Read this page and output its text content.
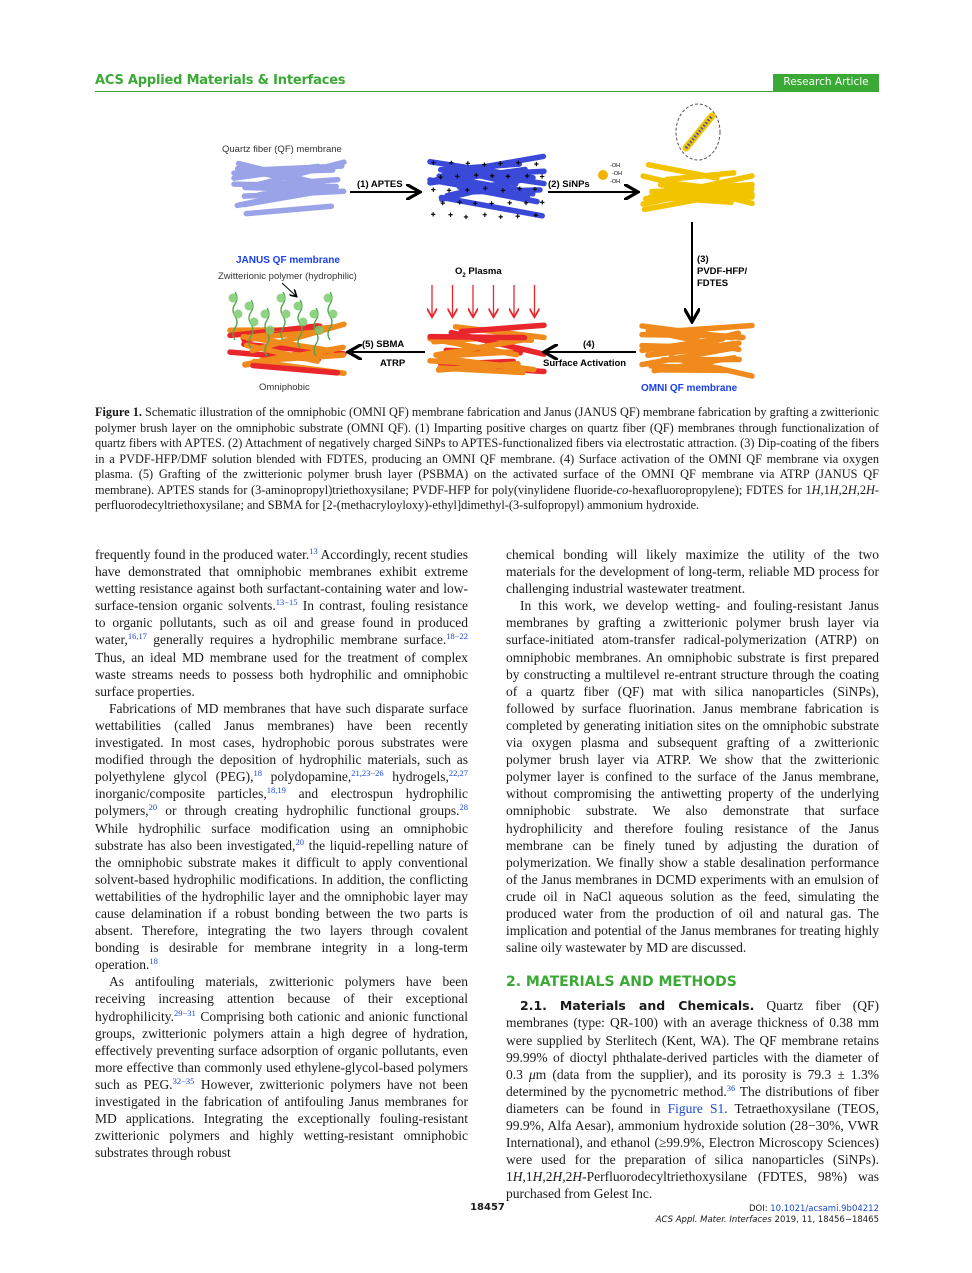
ACS Applied Materials & Interfaces	Research Article
Quartz fiber (QF) membrane
(1) APTES	(2) SiNPs
-OH
-OH
-OH
(3)
PVDF-HFP/
FDTES
OMNI QF membrane
(4)
Surface Activation
$O_2$ Plasma
(5) SBMA
ATRP
JANUS QF membrane
Zwitterionic polymer (hydrophilic)
Omniphobic
Figure 1. Schematic illustration of the omniphobic (OMNI QF) membrane fabrication and Janus (JANUS QF) membrane fabrication by grafting a zwitterionic polymer brush layer on the omniphobic substrate (OMNI QF). (1) Imparting positive charges on quartz fiber (QF) membranes through functionalization of quartz fibers with APTES. (2) Attachment of negatively charged SiNPs to APTES-functionalized fibers via electrostatic attraction. (3) Dip-coating of the fibers in a PVDF-HFP/DMF solution blended with FDTES, producing an OMNI QF membrane. (4) Surface activation of the OMNI QF membrane via oxygen plasma. (5) Grafting of the zwitterionic polymer brush layer (PSBMA) on the activated surface of the OMNI QF membrane via ATRP (JANUS QF membrane). APTES stands for (3-aminopropyl)triethoxysilane; PVDF-HFP for poly(vinylidene fluoride-co-hexafluoropropylene); FDTES for 1H,1H,2H,2H-perfluorodecyltriethoxysilane; and SBMA for [2-(methacryloyloxy)-ethyl]dimethyl-(3-sulfopropyl) ammonium hydroxide.

frequently found in the produced water.$^{13}$ Accordingly, recent studies have demonstrated that omniphobic membranes exhibit extreme wetting resistance against both surfactant-containing water and low-surface-tension organic solvents.$^{13-15}$ In contrast, fouling resistance to organic pollutants, such as oil and grease found in produced water,$^{16,17}$ generally requires a hydrophilic membrane surface.$^{18-22}$ Thus, an ideal MD membrane used for the treatment of complex waste streams needs to possess both hydrophilic and omniphobic surface properties.

Fabrications of MD membranes that have such disparate surface wettabilities (called Janus membranes) have been recently investigated. In most cases, hydrophobic porous substrates were modified through the deposition of hydrophilic materials, such as polyethylene glycol (PEG),$^{18}$ polydopamine,$^{21,23-26}$ hydrogels,$^{22,27}$ inorganic/composite particles,$^{18,19}$ and electrospun hydrophilic polymers,$^{20}$ or through creating hydrophilic functional groups.$^{28}$ While hydrophilic surface modification using an omniphobic substrate has also been investigated,$^{20}$ the liquid-repelling nature of the omniphobic substrate makes it difficult to apply conventional solvent-based hydrophilic modifications. In addition, the conflicting wettabilities of the hydrophilic layer and the omniphobic layer may cause delamination if a robust bonding between the two parts is absent. Therefore, integrating the two layers through covalent bonding is desirable for membrane integrity in a long-term operation.$^{18}$

As antifouling materials, zwitterionic polymers have been receiving increasing attention because of their exceptional hydrophilicity.$^{29-31}$ Comprising both cationic and anionic functional groups, zwitterionic polymers attain a high degree of hydration, effectively preventing surface adsorption of organic pollutants, even more effective than commonly used ethylene-glycol-based polymers such as PEG.$^{32-35}$ However, zwitterionic polymers have not been investigated in the fabrication of antifouling Janus membranes for MD applications. Integrating the exceptionally fouling-resistant zwitterionic polymers and highly wetting-resistant omniphobic substrates through robust

chemical bonding will likely maximize the utility of the two materials for the development of long-term, reliable MD process for challenging industrial wastewater treatment.

In this work, we develop wetting- and fouling-resistant Janus membranes by grafting a zwitterionic polymer brush layer via surface-initiated atom-transfer radical-polymerization (ATRP) on omniphobic membranes. An omniphobic substrate is first prepared by constructing a multilevel re-entrant structure through the coating of a quartz fiber (QF) mat with silica nanoparticles (SiNPs), followed by surface fluorination. Janus membrane fabrication is completed by generating initiation sites on the omniphobic substrate via oxygen plasma and subsequent grafting of a zwitterionic polymer brush layer via ATRP. We show that the zwitterionic polymer layer is confined to the surface of the Janus membrane, without compromising the antiwetting property of the underlying omniphobic substrate. We also demonstrate that surface hydrophilicity and therefore fouling resistance of the Janus membrane can be finely tuned by adjusting the duration of polymerization. We finally show a stable desalination performance of the Janus membranes in DCMD experiments with an emulsion of crude oil in NaCl aqueous solution as the feed, simulating the produced water from the production of oil and natural gas. The implication and potential of the Janus membranes for treating highly saline oily wastewater by MD are discussed.

2. MATERIALS AND METHODS

2.1. Materials and Chemicals. Quartz fiber (QF) membranes (type: QR-100) with an average thickness of 0.38 mm were supplied by Sterlitech (Kent, WA). The QF membrane retains 99.99% of dioctyl phthalate-derived particles with the diameter of 0.3 μm (data from the supplier), and its porosity is 79.3 ± 1.3% determined by the pycnometric method.$^{36}$ The distributions of fiber diameters can be found in Figure S1. Tetraethoxysilane (TEOS, 99.9%, Alfa Aesar), ammonium hydroxide solution (28−30%, VWR International), and ethanol (≥99.9%, Electron Microscopy Sciences) were used for the preparation of silica nanoparticles (SiNPs). 1H,1H,2H,2H-Perfluorodecyltriethoxysilane (FDTES, 98%) was purchased from Gelest Inc.

18457	DOI: 10.1021/acsami.9b04212
ACS Appl. Mater. Interfaces 2019, 11, 18456−18465
